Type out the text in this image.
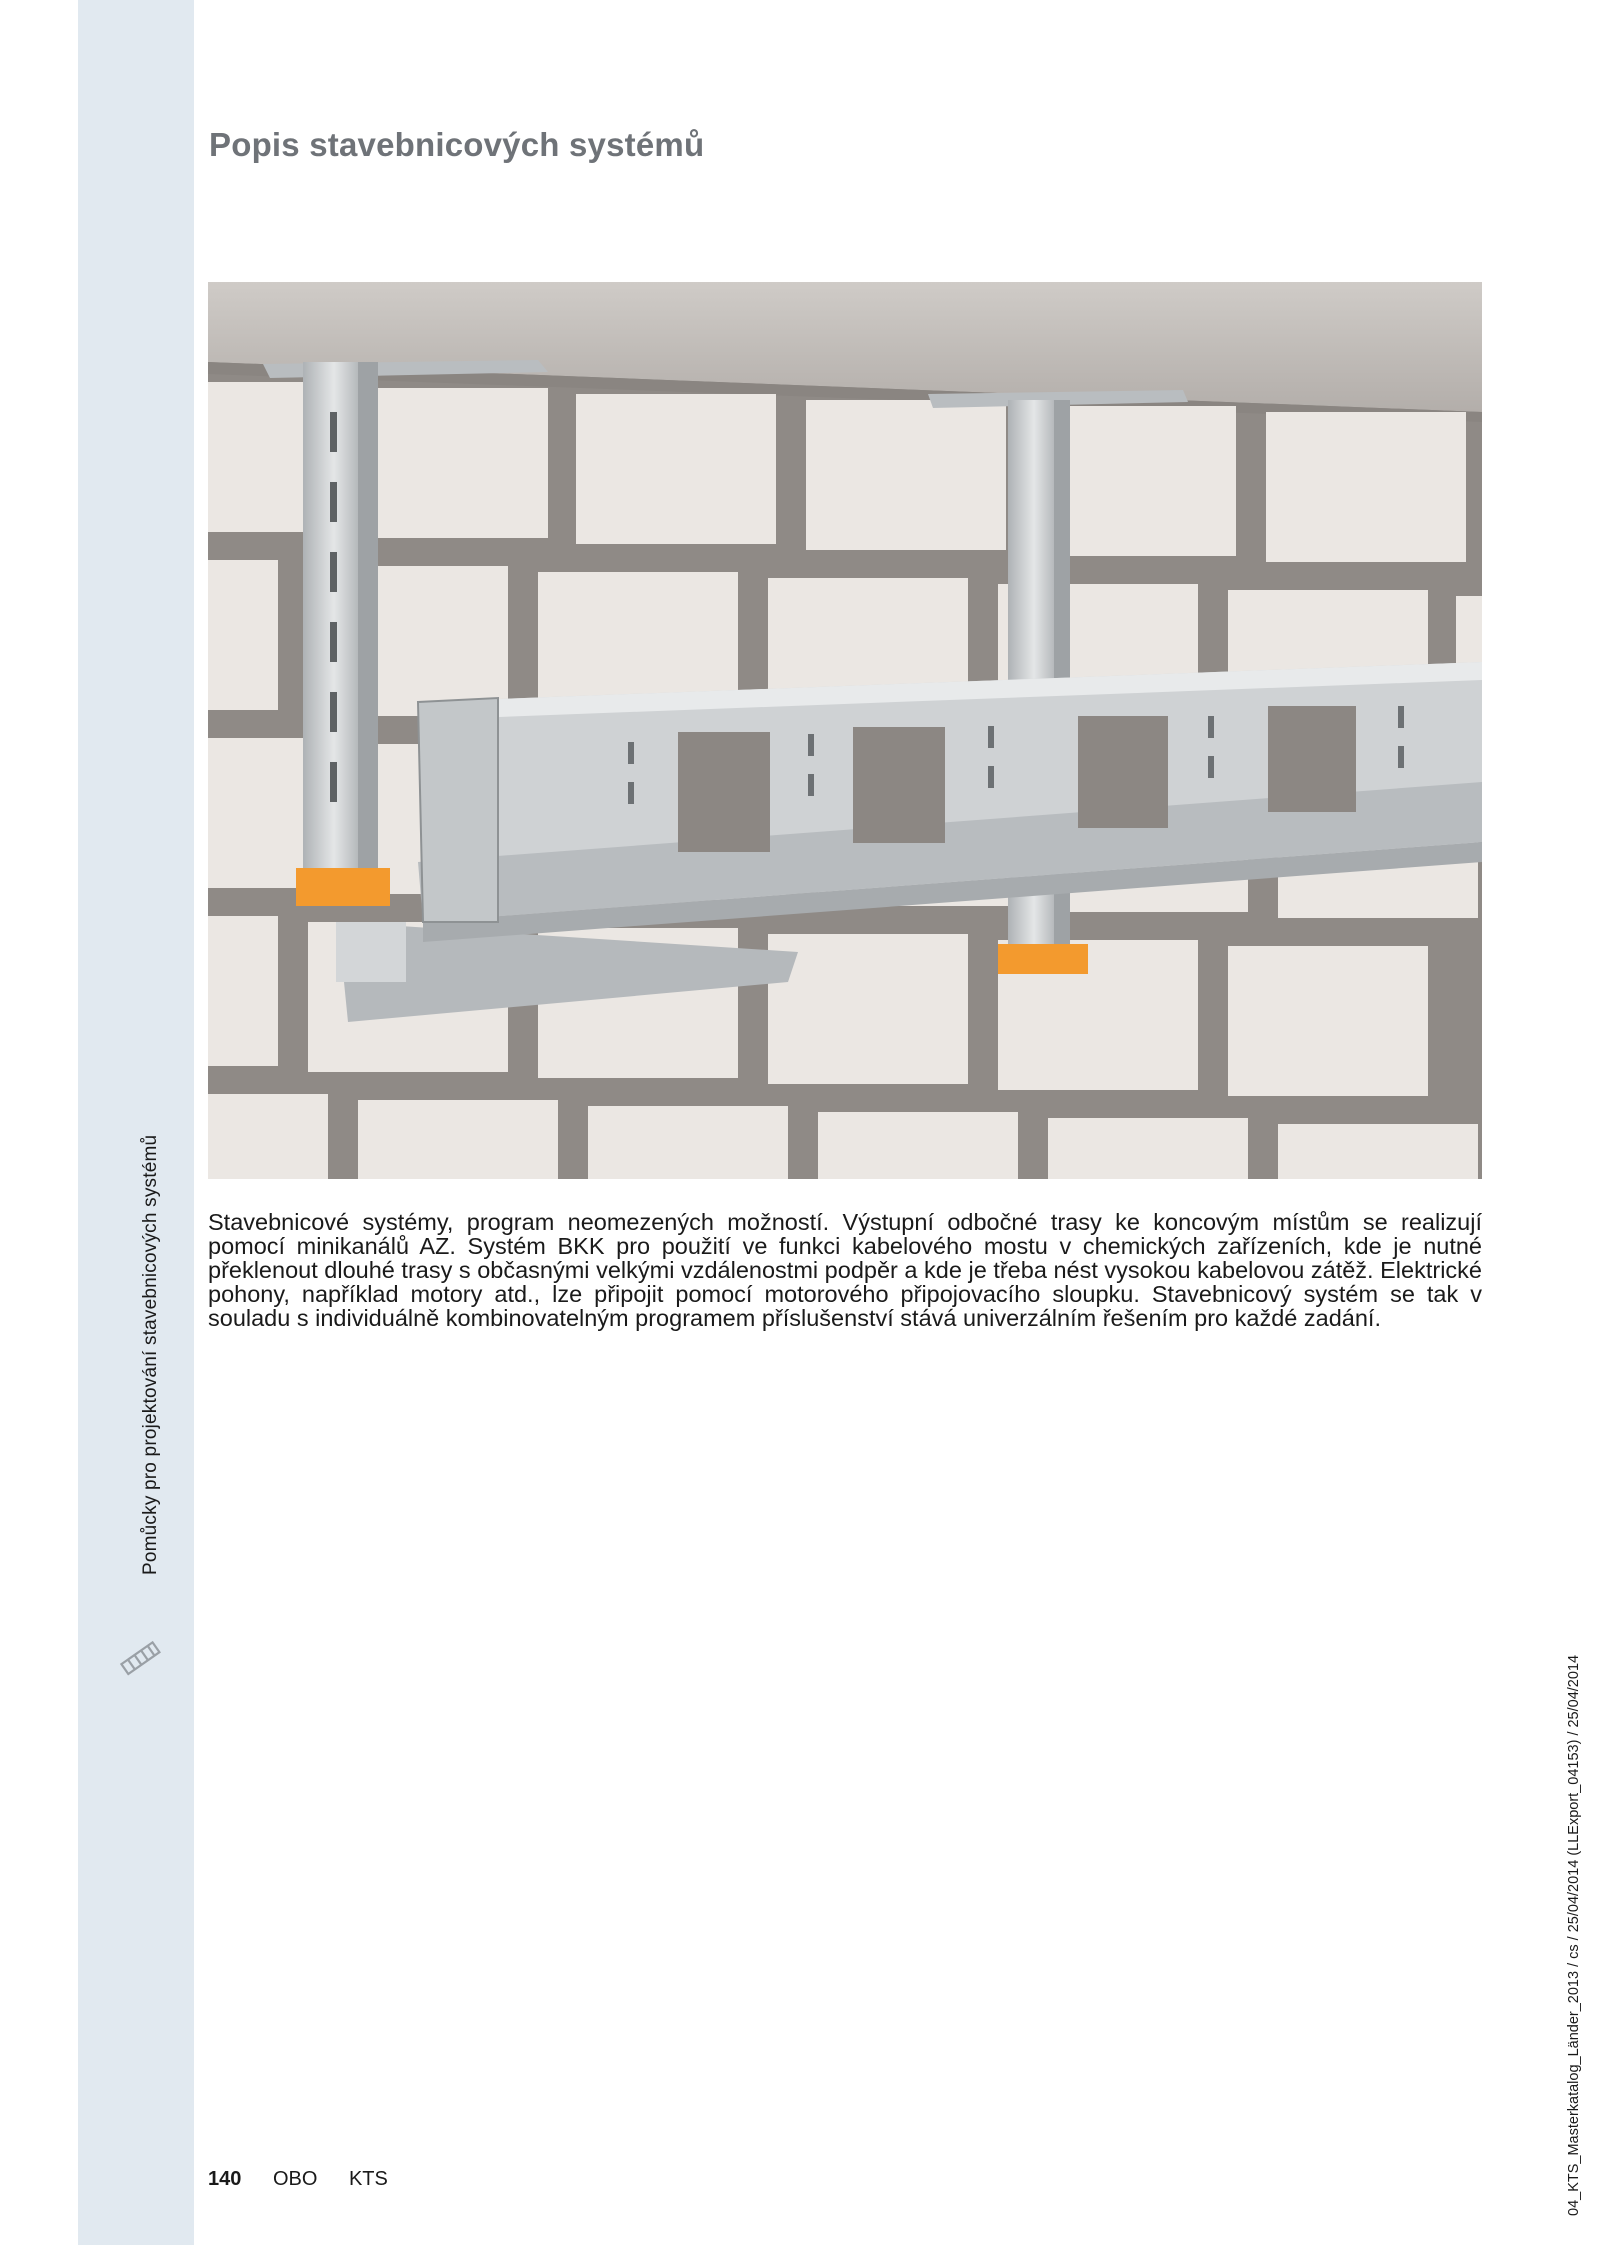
Pomůcky pro projektování stavebnicových systémů
Popis stavebnicových systémů

Stavebnicové systémy, program neomezených možností. Výstupní odbočné trasy ke koncovým místům se realizují pomocí minikanálů AZ. Systém BKK pro použití ve funkci kabelového mostu v chemických zařízeních, kde je nutné překlenout dlouhé trasy s občasnými velkými vzdálenostmi podpěr a kde je třeba nést vysokou kabelovou zátěž. Elektrické pohony, například motory atd., lze připojit pomocí motorového připojovacího sloupku. Stavebnicový systém se tak v souladu s individuálně kombinovatelným programem příslušenství stává univerzálním řešením pro každé zadání.

140 OBO KTS	04_KTS_Masterkatalog_Länder_2013 / cs / 25/04/2014 (LLExport_04153) / 25/04/2014
